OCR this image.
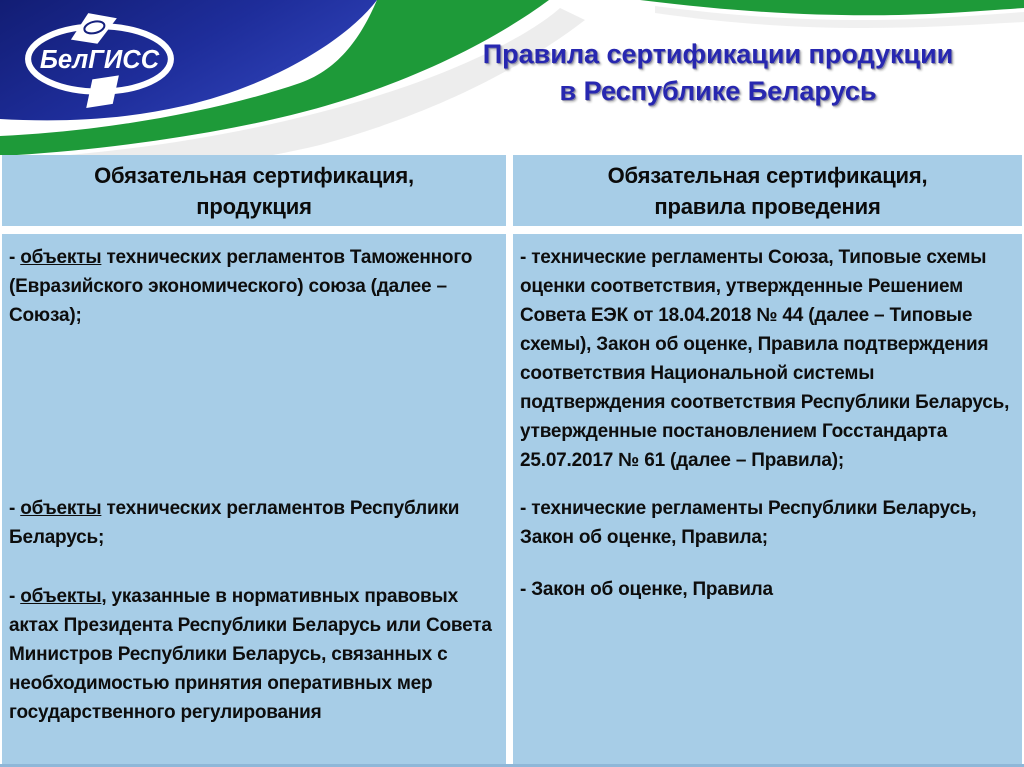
БелГИСС	Правила сертификации продукции
в Республике Беларусь
Обязательная сертификация,
продукция
Обязательная сертификация,
правила проведения

- объекты технических регламентов Таможенного (Евразийского экономического) союза (далее – Союза);

- объекты технических регламентов Республики Беларусь;

- объекты, указанные в нормативных правовых актах Президента Республики Беларусь или Совета Министров Республики Беларусь, связанных с необходимостью принятия оперативных мер государственного регулирования

- технические регламенты Союза, Типовые схемы оценки соответствия, утвержденные Решением Совета ЕЭК от 18.04.2018 № 44 (далее – Типовые схемы), Закон об оценке, Правила подтверждения соответствия Национальной системы подтверждения соответствия Республики Беларусь, утвержденные постановлением Госстандарта 25.07.2017 № 61 (далее – Правила);

- технические регламенты Республики Беларусь, Закон об оценке, Правила;

- Закон об оценке, Правила
